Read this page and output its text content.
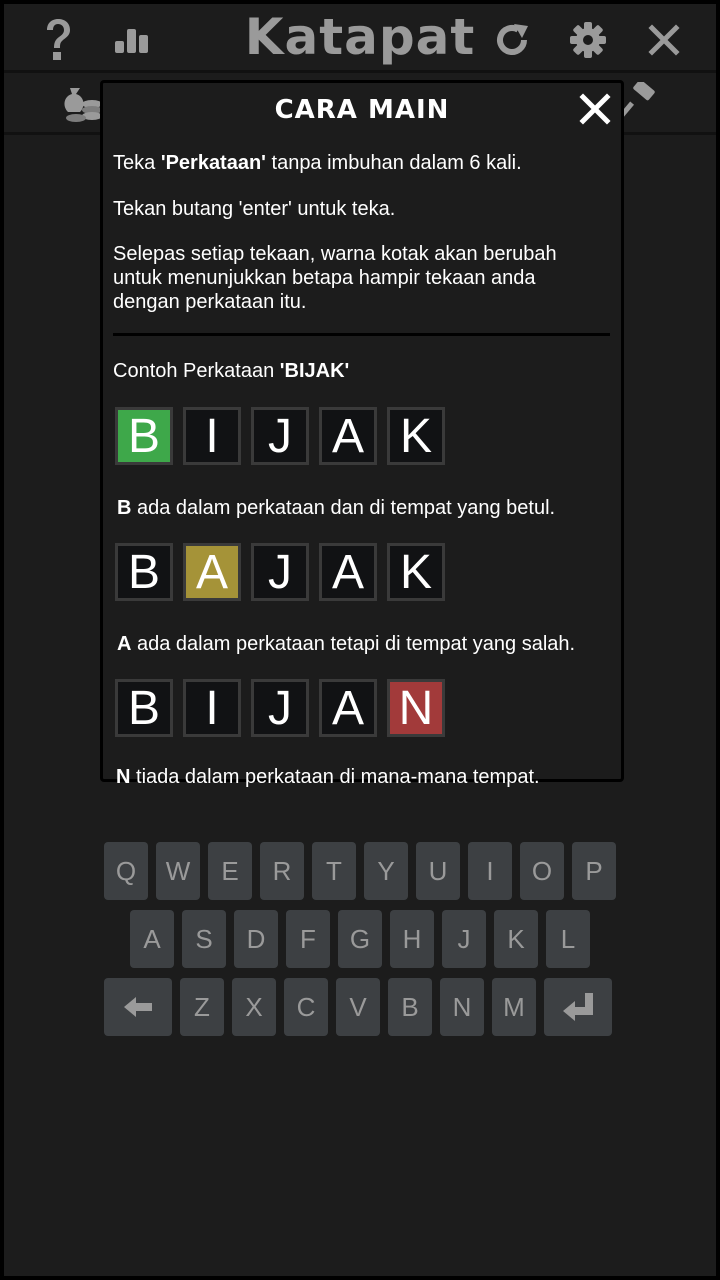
Katapat
Q	W	E	R	T	Y	U	I	O	P
A	S	D	F	G	H	J	K	L
Z	X	C	V	B	N	M
CARA MAIN
Teka 'Perkataan' tanpa imbuhan dalam 6 kali.
Tekan butang 'enter' untuk teka.
Selepas setiap tekaan, warna kotak akan berubah untuk menunjukkan betapa hampir tekaan anda dengan perkataan itu.
Contoh Perkataan 'BIJAK'
B I	J A K
B ada dalam perkataan dan di tempat yang betul.
B A J A K
A ada dalam perkataan tetapi di tempat yang salah.
B I	J A N
N tiada dalam perkataan di mana-mana tempat.
